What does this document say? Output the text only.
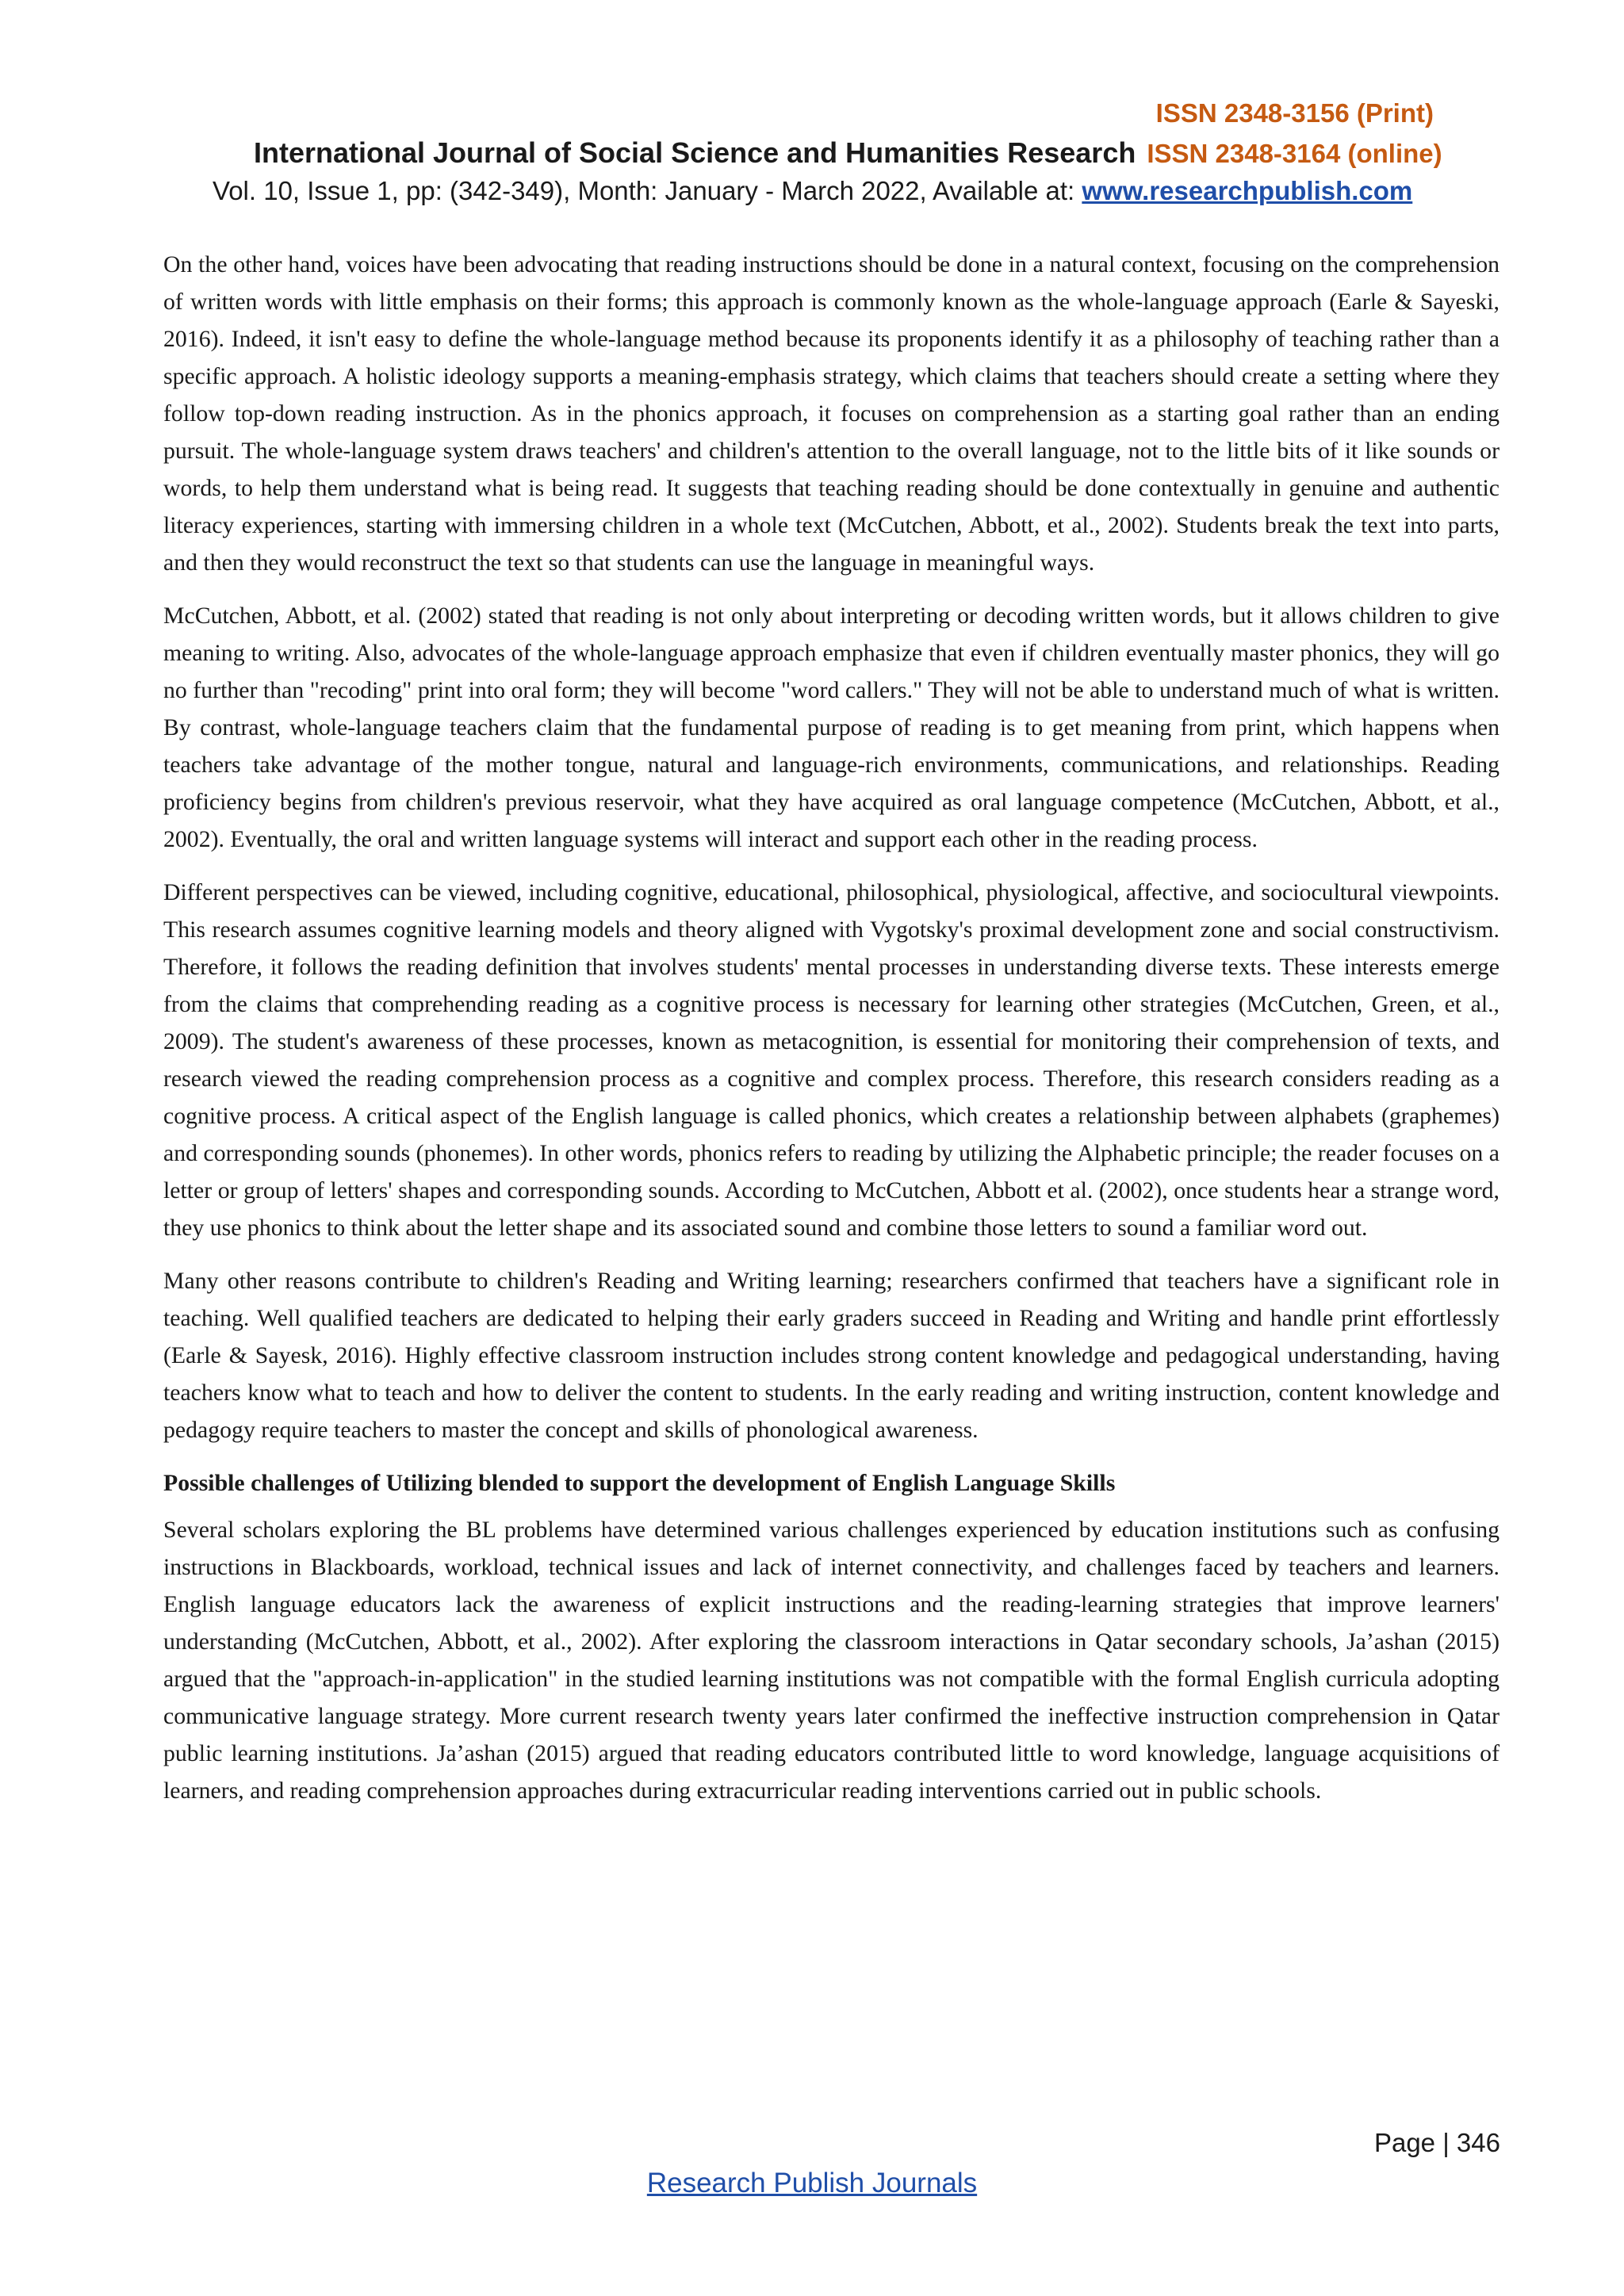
ISSN 2348-3156 (Print)
International Journal of Social Science and Humanities Research ISSN 2348-3164 (online)
Vol. 10, Issue 1, pp: (342-349), Month: January - March 2022, Available at: www.researchpublish.com

On the other hand, voices have been advocating that reading instructions should be done in a natural context, focusing on the comprehension of written words with little emphasis on their forms; this approach is commonly known as the whole-language approach (Earle & Sayeski, 2016). Indeed, it isn't easy to define the whole-language method because its proponents identify it as a philosophy of teaching rather than a specific approach. A holistic ideology supports a meaning-emphasis strategy, which claims that teachers should create a setting where they follow top-down reading instruction. As in the phonics approach, it focuses on comprehension as a starting goal rather than an ending pursuit. The whole-language system draws teachers' and children's attention to the overall language, not to the little bits of it like sounds or words, to help them understand what is being read. It suggests that teaching reading should be done contextually in genuine and authentic literacy experiences, starting with immersing children in a whole text (McCutchen, Abbott, et al., 2002). Students break the text into parts, and then they would reconstruct the text so that students can use the language in meaningful ways.

McCutchen, Abbott, et al. (2002) stated that reading is not only about interpreting or decoding written words, but it allows children to give meaning to writing. Also, advocates of the whole-language approach emphasize that even if children eventually master phonics, they will go no further than "recoding" print into oral form; they will become "word callers." They will not be able to understand much of what is written. By contrast, whole-language teachers claim that the fundamental purpose of reading is to get meaning from print, which happens when teachers take advantage of the mother tongue, natural and language-rich environments, communications, and relationships. Reading proficiency begins from children's previous reservoir, what they have acquired as oral language competence (McCutchen, Abbott, et al., 2002). Eventually, the oral and written language systems will interact and support each other in the reading process.

Different perspectives can be viewed, including cognitive, educational, philosophical, physiological, affective, and sociocultural viewpoints. This research assumes cognitive learning models and theory aligned with Vygotsky's proximal development zone and social constructivism. Therefore, it follows the reading definition that involves students' mental processes in understanding diverse texts. These interests emerge from the claims that comprehending reading as a cognitive process is necessary for learning other strategies (McCutchen, Green, et al., 2009). The student's awareness of these processes, known as metacognition, is essential for monitoring their comprehension of texts, and research viewed the reading comprehension process as a cognitive and complex process. Therefore, this research considers reading as a cognitive process. A critical aspect of the English language is called phonics, which creates a relationship between alphabets (graphemes) and corresponding sounds (phonemes). In other words, phonics refers to reading by utilizing the Alphabetic principle; the reader focuses on a letter or group of letters' shapes and corresponding sounds. According to McCutchen, Abbott et al. (2002), once students hear a strange word, they use phonics to think about the letter shape and its associated sound and combine those letters to sound a familiar word out.

Many other reasons contribute to children's Reading and Writing learning; researchers confirmed that teachers have a significant role in teaching. Well qualified teachers are dedicated to helping their early graders succeed in Reading and Writing and handle print effortlessly (Earle & Sayesk, 2016). Highly effective classroom instruction includes strong content knowledge and pedagogical understanding, having teachers know what to teach and how to deliver the content to students. In the early reading and writing instruction, content knowledge and pedagogy require teachers to master the concept and skills of phonological awareness.

Possible challenges of Utilizing blended to support the development of English Language Skills

Several scholars exploring the BL problems have determined various challenges experienced by education institutions such as confusing instructions in Blackboards, workload, technical issues and lack of internet connectivity, and challenges faced by teachers and learners. English language educators lack the awareness of explicit instructions and the reading-learning strategies that improve learners' understanding (McCutchen, Abbott, et al., 2002). After exploring the classroom interactions in Qatar secondary schools, Ja’ashan (2015) argued that the "approach-in-application" in the studied learning institutions was not compatible with the formal English curricula adopting communicative language strategy. More current research twenty years later confirmed the ineffective instruction comprehension in Qatar public learning institutions. Ja’ashan (2015) argued that reading educators contributed little to word knowledge, language acquisitions of learners, and reading comprehension approaches during extracurricular reading interventions carried out in public schools.

Page | 346
Research Publish Journals
